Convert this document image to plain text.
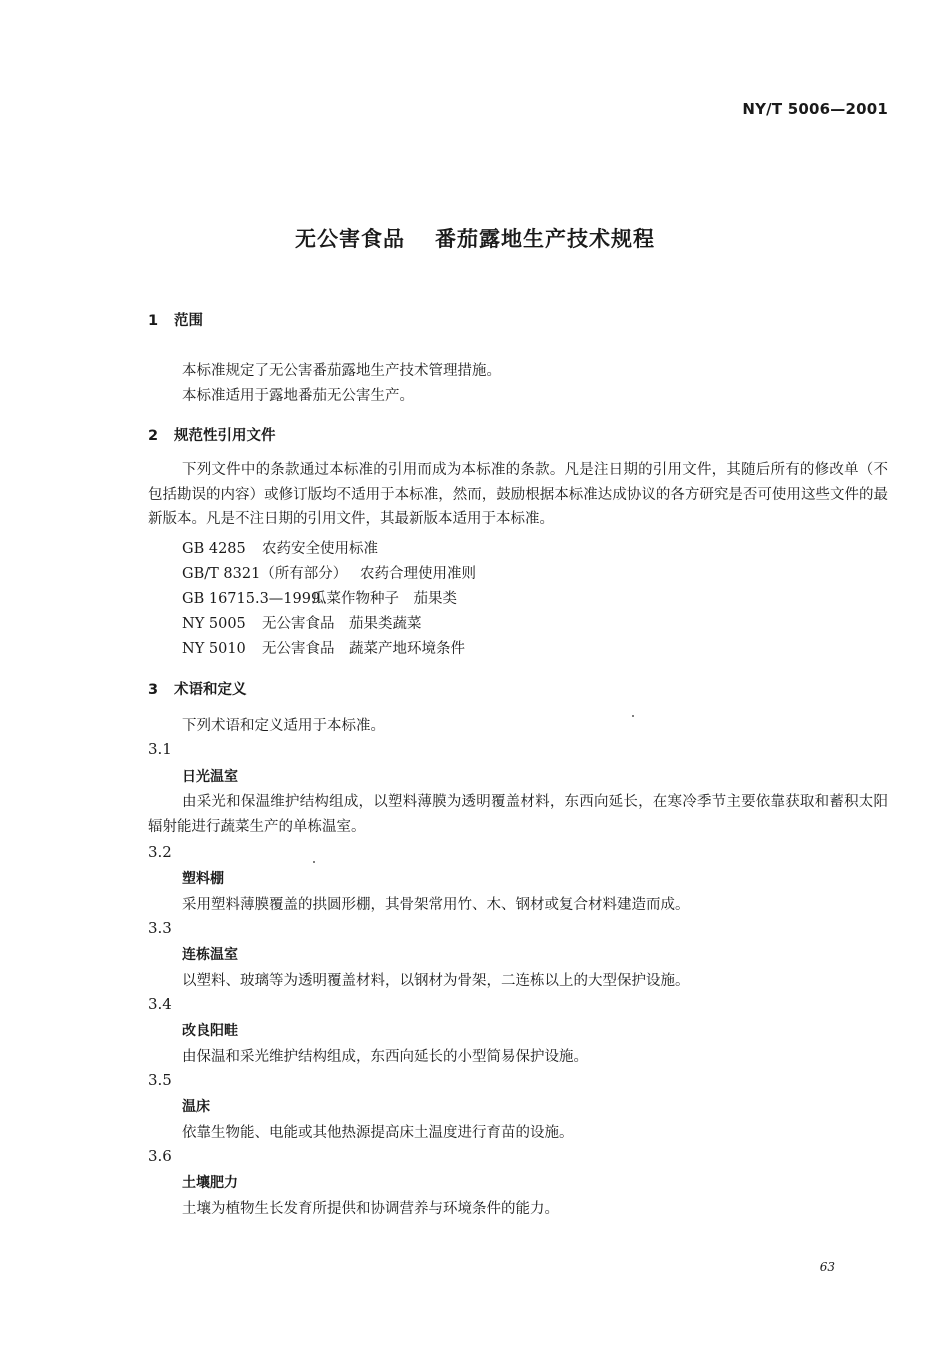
NY/T 5006—2001
无公害食品 番茄露地生产技术规程
1 范围
本标准规定了无公害番茄露地生产技术管理措施。
本标准适用于露地番茄无公害生产。
2 规范性引用文件
下列文件中的条款通过本标准的引用而成为本标准的条款。凡是注日期的引用文件，其随后所有的修改单（不包括勘误的内容）或修订版均不适用于本标准，然而，鼓励根据本标准达成协议的各方研究是否可使用这些文件的最新版本。凡是不注日期的引用文件，其最新版本适用于本标准。
GB 4285 农药安全使用标准
GB/T 8321（所有部分） 农药合理使用准则
GB 16715.3—1999瓜菜作物种子　茄果类
NY 5005 无公害食品　茄果类蔬菜
NY 5010 无公害食品　蔬菜产地环境条件
3 术语和定义
下列术语和定义适用于本标准。
3.1
日光温室
由采光和保温维护结构组成，以塑料薄膜为透明覆盖材料，东西向延长，在寒冷季节主要依靠获取和蓄积太阳辐射能进行蔬菜生产的单栋温室。
3.2
塑料棚
采用塑料薄膜覆盖的拱圆形棚，其骨架常用竹、木、钢材或复合材料建造而成。
3.3
连栋温室
以塑料、玻璃等为透明覆盖材料，以钢材为骨架，二连栋以上的大型保护设施。
3.4
改良阳畦
由保温和采光维护结构组成，东西向延长的小型简易保护设施。
3.5
温床
依靠生物能、电能或其他热源提高床土温度进行育苗的设施。
3.6
土壤肥力
土壤为植物生长发育所提供和协调营养与环境条件的能力。
63
